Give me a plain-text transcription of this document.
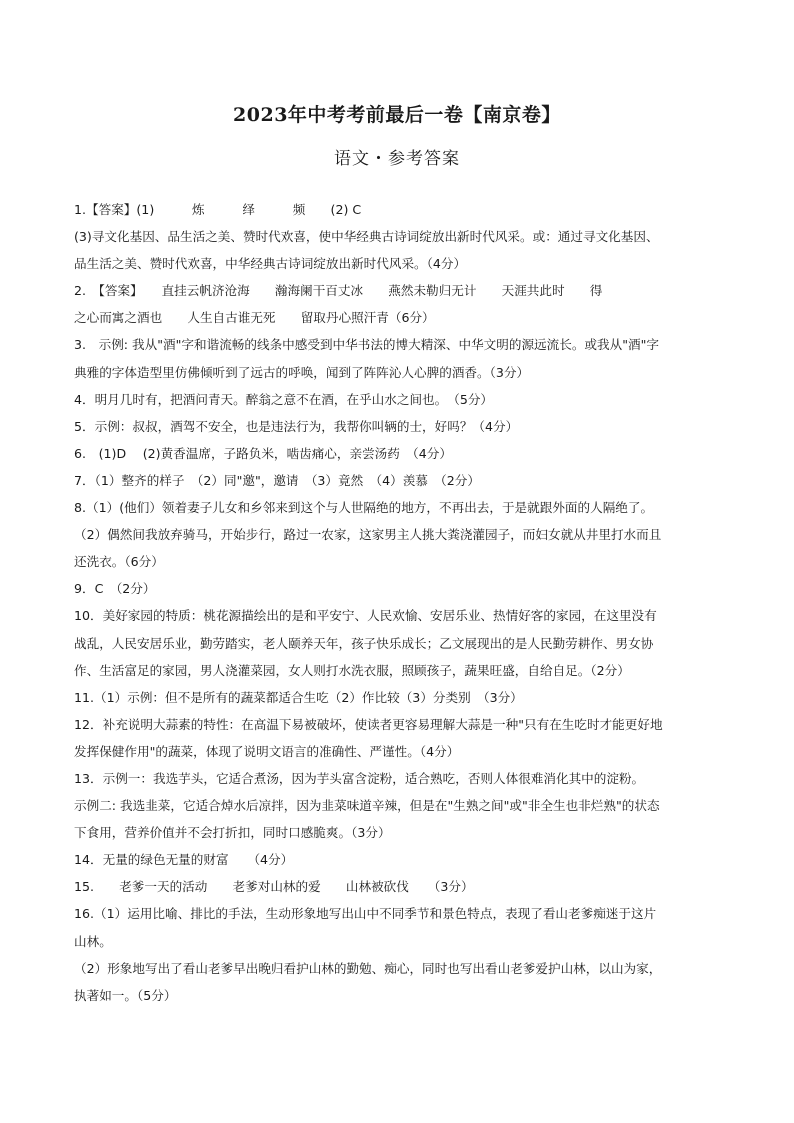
2023年中考考前最后一卷【南京卷】
语文・参考答案
1.【答案】(1)　　　炼　　　绎　　　频　　(2) C
(3)寻文化基因、品生活之美、赞时代欢喜，使中华经典古诗词绽放出新时代风采。或：通过寻文化基因、
品生活之美、赞时代欢喜，中华经典古诗词绽放出新时代风采。（4分）
2.　【答案】　　直挂云帆济沧海　　瀚海阑干百丈冰　　燕然未勒归无计　　天涯共此时　　得
之心而寓之酒也　　人生自古谁无死　　留取丹心照汗青（6分）
3.　示例: 我从"酒"字和谐流畅的线条中感受到中华书法的博大精深、中华文明的源远流长。或我从"酒"字
典雅的字体造型里仿佛倾听到了远古的呼唤，闻到了阵阵沁人心脾的酒香。（3分）
4．明月几时有，把酒问青天。醉翁之意不在酒，在乎山水之间也。　（5分）
5．示例：叔叔，酒驾不安全，也是违法行为，我帮你叫辆的士，好吗？（4分）
6.　(1)D　 (2)黄香温席，子路负米，啮齿痛心，亲尝汤药　（4分）
7．（1）整齐的样子　（2）同"邀"，邀请　（3）竟然　（4）羡慕　（2分）
8.（1）(他们）领着妻子儿女和乡邻来到这个与人世隔绝的地方，不再出去，于是就跟外面的人隔绝了。
（2）偶然间我放弃骑马，开始步行，路过一农家，这家男主人挑大粪浇灌园子，而妇女就从井里打水而且
还洗衣。（6分）
9．C　（2分）
10．美好家园的特质：桃花源描绘出的是和平安宁、人民欢愉、安居乐业、热情好客的家园，在这里没有
战乱，人民安居乐业，勤劳踏实，老人颐养天年，孩子快乐成长；乙文展现出的是人民勤劳耕作、男女协
作、生活富足的家园，男人浇灌菜园，女人则打水洗衣服，照顾孩子，蔬果旺盛，自给自足。（2分）
11.（1）示例：但不是所有的蔬菜都适合生吃（2）作比较（3）分类别　（3分）
12．补充说明大蒜素的特性：在高温下易被破坏，使读者更容易理解大蒜是一种"只有在生吃时才能更好地
发挥保健作用"的蔬菜，体现了说明文语言的准确性、严谨性。（4分）
13．示例一：我选芋头，它适合煮汤，因为芋头富含淀粉，适合熟吃，否则人体很难消化其中的淀粉。
示例二: 我选韭菜，它适合焯水后凉拌，因为韭菜味道辛辣，但是在"生熟之间"或"非全生也非烂熟"的状态
下食用，营养价值并不会打折扣，同时口感脆爽。（3分）
14．无量的绿色无量的财富　　（4分）
15.　　老爹一天的活动　　老爹对山林的爱　　山林被砍伐　　（3分）
16.（1）运用比喻、排比的手法，生动形象地写出山中不同季节和景色特点，表现了看山老爹痴迷于这片
山林。
（2）形象地写出了看山老爹早出晚归看护山林的勤勉、痴心，同时也写出看山老爹爱护山林，以山为家，
执著如一。（5分）
